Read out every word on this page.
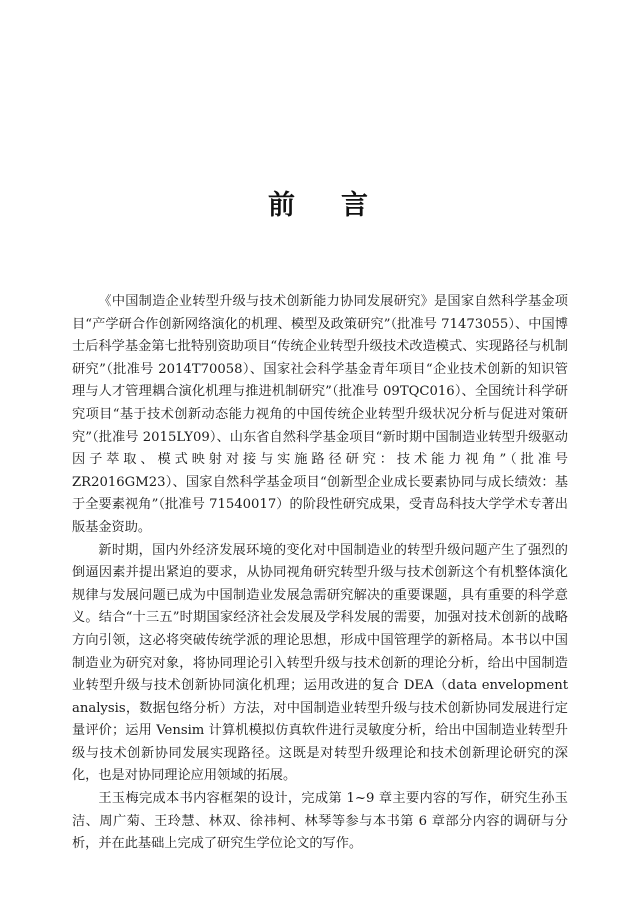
前 言

《中国制造企业转型升级与技术创新能力协同发展研究》是国家自然科学基金项目“产学研合作创新网络演化的机理、模型及政策研究”（批准号 71473055）、中国博士后科学基金第七批特别资助项目“传统企业转型升级技术改造模式、实现路径与机制研究”（批准号 2014T70058）、国家社会科学基金青年项目“企业技术创新的知识管理与人才管理耦合演化机理与推进机制研究”（批准号 09TQC016）、全国统计科学研究项目“基于技术创新动态能力视角的中国传统企业转型升级状况分析与促进对策研究”（批准号 2015LY09）、山东省自然科学基金项目“新时期中国制造业转型升级驱动因子萃取、模式映射对接与实施路径研究：技术能力视角”（批准号 ZR2016GM23）、国家自然科学基金项目“创新型企业成长要素协同与成长绩效：基于全要素视角”（批准号 71540017）的阶段性研究成果，受青岛科技大学学术专著出版基金资助。

新时期，国内外经济发展环境的变化对中国制造业的转型升级问题产生了强烈的倒逼因素并提出紧迫的要求，从协同视角研究转型升级与技术创新这个有机整体演化规律与发展问题已成为中国制造业发展急需研究解决的重要课题，具有重要的科学意义。结合“十三五”时期国家经济社会发展及学科发展的需要，加强对技术创新的战略方向引领，这必将突破传统学派的理论思想，形成中国管理学的新格局。本书以中国制造业为研究对象，将协同理论引入转型升级与技术创新的理论分析，给出中国制造业转型升级与技术创新协同演化机理；运用改进的复合 DEA（data envelopment analysis，数据包络分析）方法，对中国制造业转型升级与技术创新协同发展进行定量评价；运用 Vensim 计算机模拟仿真软件进行灵敏度分析，给出中国制造业转型升级与技术创新协同发展实现路径。这既是对转型升级理论和技术创新理论研究的深化，也是对协同理论应用领域的拓展。

王玉梅完成本书内容框架的设计，完成第 1~9 章主要内容的写作，研究生孙玉洁、周广菊、王玲慧、林双、徐祎柯、林琴等参与本书第 6 章部分内容的调研与分析，并在此基础上完成了研究生学位论文的写作。
